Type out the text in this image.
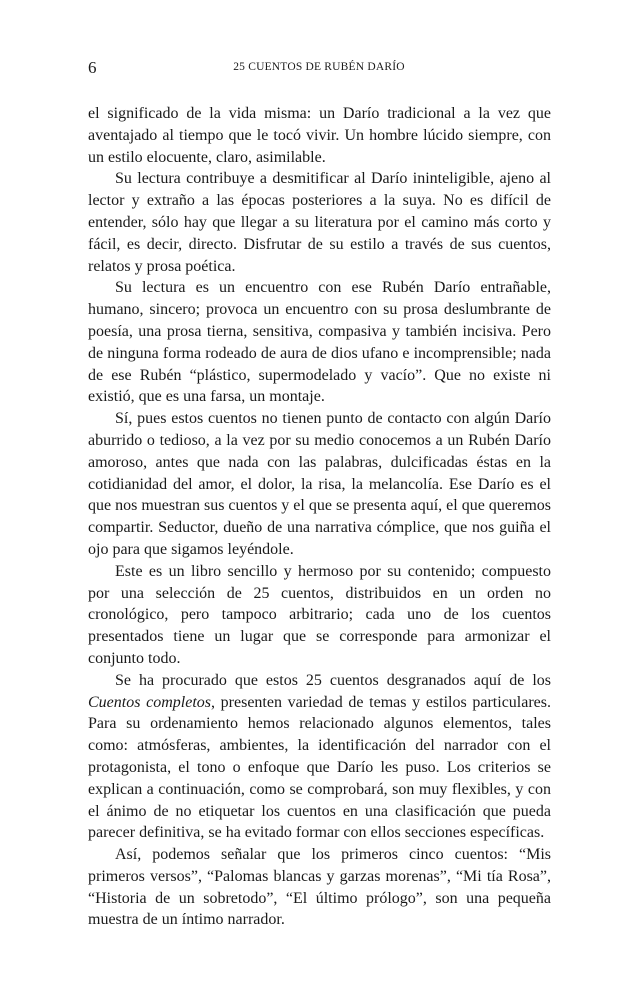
6	25 CUENTOS DE RUBÉN DARÍO

el significado de la vida misma: un Darío tradicional a la vez que aventajado al tiempo que le tocó vivir. Un hombre lúcido siempre, con un estilo elocuente, claro, asimilable.

Su lectura contribuye a desmitificar al Darío ininteligible, ajeno al lector y extraño a las épocas posteriores a la suya. No es difícil de entender, sólo hay que llegar a su literatura por el camino más corto y fácil, es decir, directo. Disfrutar de su estilo a través de sus cuentos, relatos y prosa poética.

Su lectura es un encuentro con ese Rubén Darío entrañable, humano, sincero; provoca un encuentro con su prosa deslumbrante de poesía, una prosa tierna, sensitiva, compasiva y también incisiva. Pero de ninguna forma rodeado de aura de dios ufano e incomprensible; nada de ese Rubén “plástico, supermodelado y vacío”. Que no existe ni existió, que es una farsa, un montaje.

Sí, pues estos cuentos no tienen punto de contacto con algún Darío aburrido o tedioso, a la vez por su medio conocemos a un Rubén Darío amoroso, antes que nada con las palabras, dulcificadas éstas en la cotidianidad del amor, el dolor, la risa, la melancolía. Ese Darío es el que nos muestran sus cuentos y el que se presenta aquí, el que queremos compartir. Seductor, dueño de una narrativa cómplice, que nos guiña el ojo para que sigamos leyéndole.

Este es un libro sencillo y hermoso por su contenido; compuesto por una selección de 25 cuentos, distribuidos en un orden no cronológico, pero tampoco arbitrario; cada uno de los cuentos presentados tiene un lugar que se corresponde para armonizar el conjunto todo.

Se ha procurado que estos 25 cuentos desgranados aquí de los Cuentos completos, presenten variedad de temas y estilos particulares. Para su ordenamiento hemos relacionado algunos elementos, tales como: atmósferas, ambientes, la identificación del narrador con el protagonista, el tono o enfoque que Darío les puso. Los criterios se explican a continuación, como se comprobará, son muy flexibles, y con el ánimo de no etiquetar los cuentos en una clasificación que pueda parecer definitiva, se ha evitado formar con ellos secciones específicas.

Así, podemos señalar que los primeros cinco cuentos: “Mis primeros versos”, “Palomas blancas y garzas morenas”, “Mi tía Rosa”, “Historia de un sobretodo”, “El último prólogo”, son una pequeña muestra de un íntimo narrador.
